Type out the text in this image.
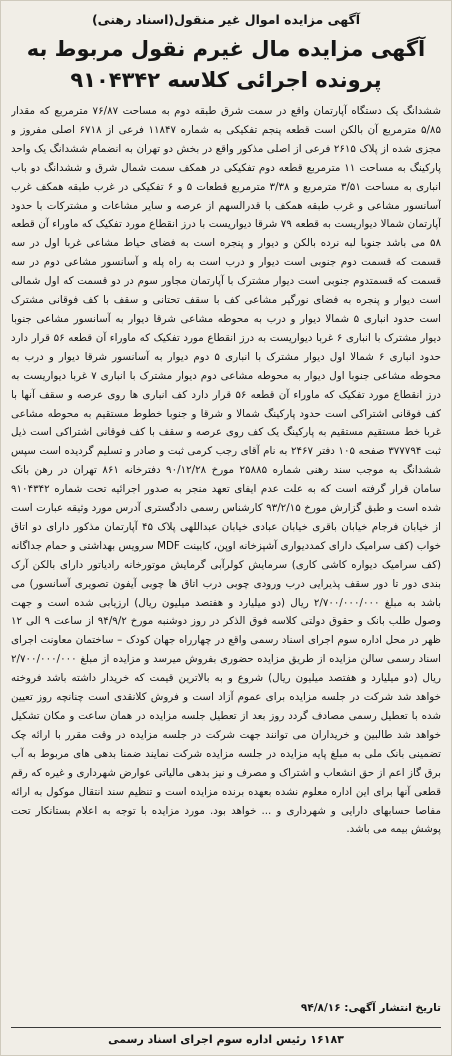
آگهی مزایده اموال غیر منقول(اسناد رهنی)
آگهی مزایده مال غیرم نقول مربوط به پرونده اجرائی کلاسه ۹۱۰۴۳۴۲

ششدانگ یک دستگاه آپارتمان واقع در سمت شرق طبقه دوم به مساحت ۷۶/۸۷ مترمربع که مقدار ۵/۸۵ مترمربع آن بالکن است قطعه پنجم تفکیکی به شماره ۱۱۸۴۷ فرعی از ۶۷۱۸ اصلی مفروز و مجزی شده از پلاک ۲۶۱۵ فرعی از اصلی مذکور واقع در بخش دو تهران به انضمام ششدانگ یک واحد پارکینگ به مساحت ۱۱ مترمربع قطعه دوم تفکیکی در همکف سمت شمال شرق و ششدانگ دو باب انباری به مساحت ۳/۵۱ مترمربع و ۳/۳۸ مترمربع قطعات ۵ و ۶ تفکیکی در غرب طبقه همکف غرب آسانسور مشاعی و غرب طبقه همکف با قدرالسهم از عرصه و سایر مشاعات و مشترکات با حدود آپارتمان شمالا دیواریست به قطعه ۷۹ شرقا دیواریست با درز انقطاع مورد تفکیک که ماوراء آن قطعه ۵۸ می باشد جنوبا لبه نرده بالکن و دیوار و پنجره است به فضای حیاط مشاعی غربا اول در سه قسمت که قسمت دوم جنوبی است دیوار و درب است به راه پله و آسانسور مشاعی دوم در سه قسمت که قسمتدوم جنوبی است دیوار مشترک با آپارتمان مجاور سوم در دو قسمت که اول شمالی است دیوار و پنجره به فضای نورگیر مشاعی کف با سقف تحتانی و سقف با کف فوقانی مشترک است حدود انباری ۵ شمالا دیوار و درب به محوطه مشاعی شرقا دیوار به آسانسور مشاعی جنوبا دیوار مشترک با انباری ۶ غربا دیواریست به درز انقطاع مورد تفکیک که ماوراء آن قطعه ۵۶ قرار دارد حدود انباری ۶ شمالا اول دیوار مشترک با انباری ۵ دوم دیوار به آسانسور شرقا دیوار و درب به محوطه مشاعی جنوبا اول دیوار به محوطه مشاعی دوم دیوار مشترک با انباری ۷ غربا دیواریست به درز انقطاع مورد تفکیک که ماوراء آن قطعه ۵۶ قرار دارد کف انباری ها روی عرصه و سقف آنها با کف فوقانی اشتراکی است حدود پارکینگ شمالا و شرقا و جنوبا خطوط مستقیم به محوطه مشاعی غربا خط مستقیم مستقیم به پارکینگ یک کف روی عرصه و سقف با کف فوقانی اشتراکی است ذیل ثبت ۳۷۷۷۹۴ صفحه ۱۰۵ دفتر ۲۴۶۷ به نام آقای رجب کرمی ثبت و صادر و تسلیم گردیده است سپس ششدانگ به موجب سند رهنی شماره ۲۵۸۸۵ مورخ ۹۰/۱۲/۲۸ دفترخانه ۸۶۱ تهران در رهن بانک سامان قرار گرفته است که به علت عدم ایفای تعهد منجر به صدور اجرائیه تحت شماره ۹۱۰۴۳۴۲ شده است و طبق گزارش مورخ ۹۳/۲/۱۵ کارشناس رسمی دادگستری آدرس مورد وثیقه عبارت است از خیابان فرجام خیابان باقری خیابان عبادی خیابان عبداللهی پلاک ۴۵ آپارتمان مذکور دارای دو اتاق خواب (کف سرامیک دارای کمددیواری آشپزخانه اوپن، کابینت MDF سرویس بهداشتی و حمام جداگانه (کف سرامیک دیواره کاشی کاری) سرمایش کولرآبی گرمایش موتورخانه رادیاتور دارای بالکن آرک بندی دور تا دور سقف پذیرایی درب ورودی چوبی درب اتاق ها چوبی آیفون تصویری آسانسور) می باشد به مبلغ ۲/۷۰۰/۰۰۰/۰۰۰ ریال (دو میلیارد و هفتصد میلیون ریال) ارزیابی شده است و جهت وصول طلب بانک و حقوق دولتی کلاسه فوق الذکر در روز دوشنبه مورخ ۹۴/۹/۲ از ساعت ۹ الی ۱۲ ظهر در محل اداره سوم اجرای اسناد رسمی واقع در چهارراه جهان کودک – ساختمان معاونت اجرای اسناد رسمی سالن مزایده از طریق مزایده حضوری بفروش میرسد و مزایده از مبلغ ۲/۷۰۰/۰۰۰/۰۰۰ ریال (دو میلیارد و هفتصد میلیون ریال) شروع و به بالاترین قیمت که خریدار داشته باشد فروخته خواهد شد شرکت در جلسه مزایده برای عموم آزاد است و فروش کلانقدی است چنانچه روز تعیین شده با تعطیل رسمی مصادف گردد روز بعد از تعطیل جلسه مزایده در همان ساعت و مکان تشکیل خواهد شد طالبین و خریداران می توانند جهت شرکت در جلسه مزایده در وقت مقرر با ارائه چک تضمینی بانک ملی به مبلغ پایه مزایده در جلسه مزایده شرکت نمایند ضمنا بدهی های مربوط به آب برق گاز اعم از حق انشعاب و اشتراک و مصرف و نیز بدهی مالیاتی عوارض شهرداری و غیره که رقم قطعی آنها برای این اداره معلوم نشده بعهده برنده مزایده است و تنظیم سند انتقال موکول به ارائه مفاصا حسابهای دارایی و شهرداری و ... خواهد بود. مورد مزایده با توجه به اعلام بستانکار تحت پوشش بیمه می باشد.

تاریخ انتشار آگهی: ۹۴/۸/۱۶
۱۶۱۸۳ رئیس اداره سوم اجرای اسناد رسمی
